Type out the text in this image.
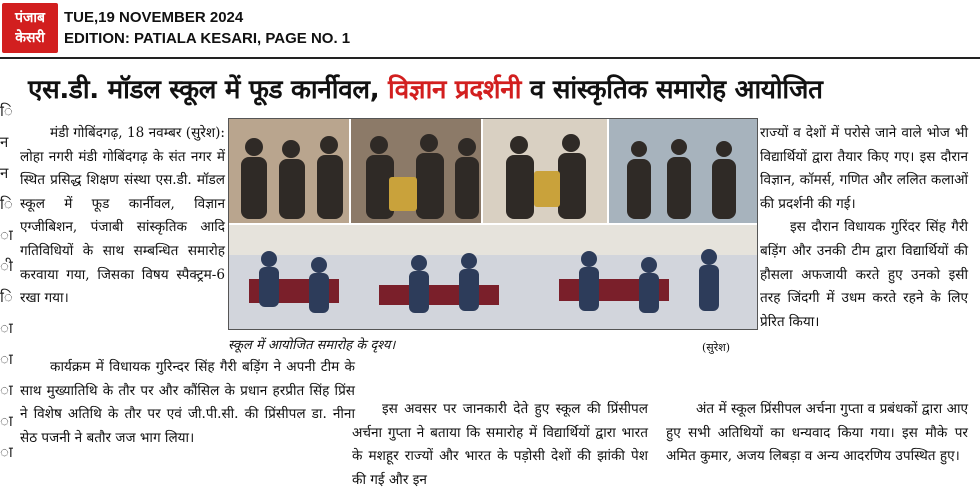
पंजाब
केसरी
TUE,19 NOVEMBER 2024
EDITION: PATIALA KESARI, PAGE NO. 1
ि
न
न
ि
ा
ी
ि
ा
ा
ा
ा
ा
एस.डी. मॉडल स्कूल में फूड कार्नीवल, विज्ञान प्रदर्शनी व सांस्कृतिक समारोह आयोजित

मंडी गोबिंदगढ़, 18 नवम्बर (सुरेश): लोहा नगरी मंडी गोबिंदगढ़ के संत नगर में स्थित प्रसिद्ध शिक्षण संस्था एस.डी. मॉडल स्कूल में फूड कार्नीवल, विज्ञान एग्जीबिशन, पंजाबी सांस्कृतिक आदि गतिविधियों के साथ सम्बन्धित समारोह करवाया गया, जिसका विषय स्पैक्ट्रम-6 रखा गया।

कार्यक्रम में विधायक गुरिन्दर सिंह गैरी बड़िंग ने अपनी टीम के साथ मुख्यातिथि के तौर पर और कौंसिल के प्रधान हरप्रीत सिंह प्रिंस ने विशेष अतिथि के तौर पर एवं जी.पी.सी. की प्रिंसीपल डा. नीना सेठ पजनी ने बतौर जज भाग लिया।

स्कूल में आयोजित समारोह के दृश्य।	(सुरेश)

इस अवसर पर जानकारी देते हुए स्कूल की प्रिंसीपल अर्चना गुप्ता ने बताया कि समारोह में विद्यार्थियों द्वारा भारत के मशहूर राज्यों और भारत के पड़ोसी देशों की झांकी पेश की गई और इन

राज्यों व देशों में परोसे जाने वाले भोज भी विद्यार्थियों द्वारा तैयार किए गए। इस दौरान विज्ञान, कॉमर्स, गणित और ललित कलाओं की प्रदर्शनी की गई।

इस दौरान विधायक गुरिंदर सिंह गैरी बड़िंग और उनकी टीम द्वारा विद्यार्थियों की हौसला अफजायी करते हुए उनको इसी तरह जिंदगी में उधम करते रहने के लिए प्रेरित किया।

अंत में स्कूल प्रिंसीपल अर्चना गुप्ता व प्रबंधकों द्वारा आए हुए सभी अतिथियों का धन्यवाद किया गया। इस मौके पर अमित कुमार, अजय लिबड़ा व अन्य आदरणिय उपस्थित हुए।
